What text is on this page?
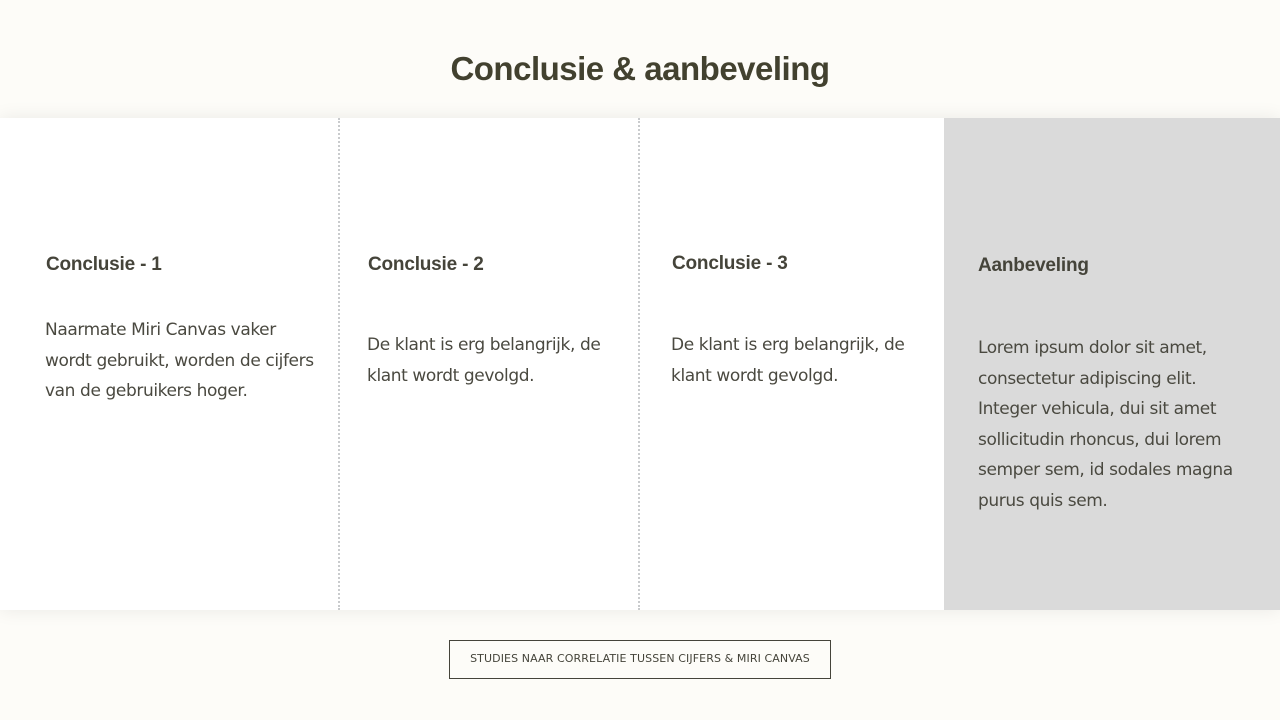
Conclusie & aanbeveling
Conclusie - 1

Naarmate Miri Canvas vaker wordt gebruikt, worden de cijfers van de gebruikers hoger.

Conclusie - 2

De klant is erg belangrijk, de klant wordt gevolgd.

Conclusie - 3

De klant is erg belangrijk, de klant wordt gevolgd.

Aanbeveling

Lorem ipsum dolor sit amet, consectetur adipiscing elit. Integer vehicula, dui sit amet sollicitudin rhoncus, dui lorem semper sem, id sodales magna purus quis sem.

STUDIES NAAR CORRELATIE TUSSEN CIJFERS & MIRI CANVAS
